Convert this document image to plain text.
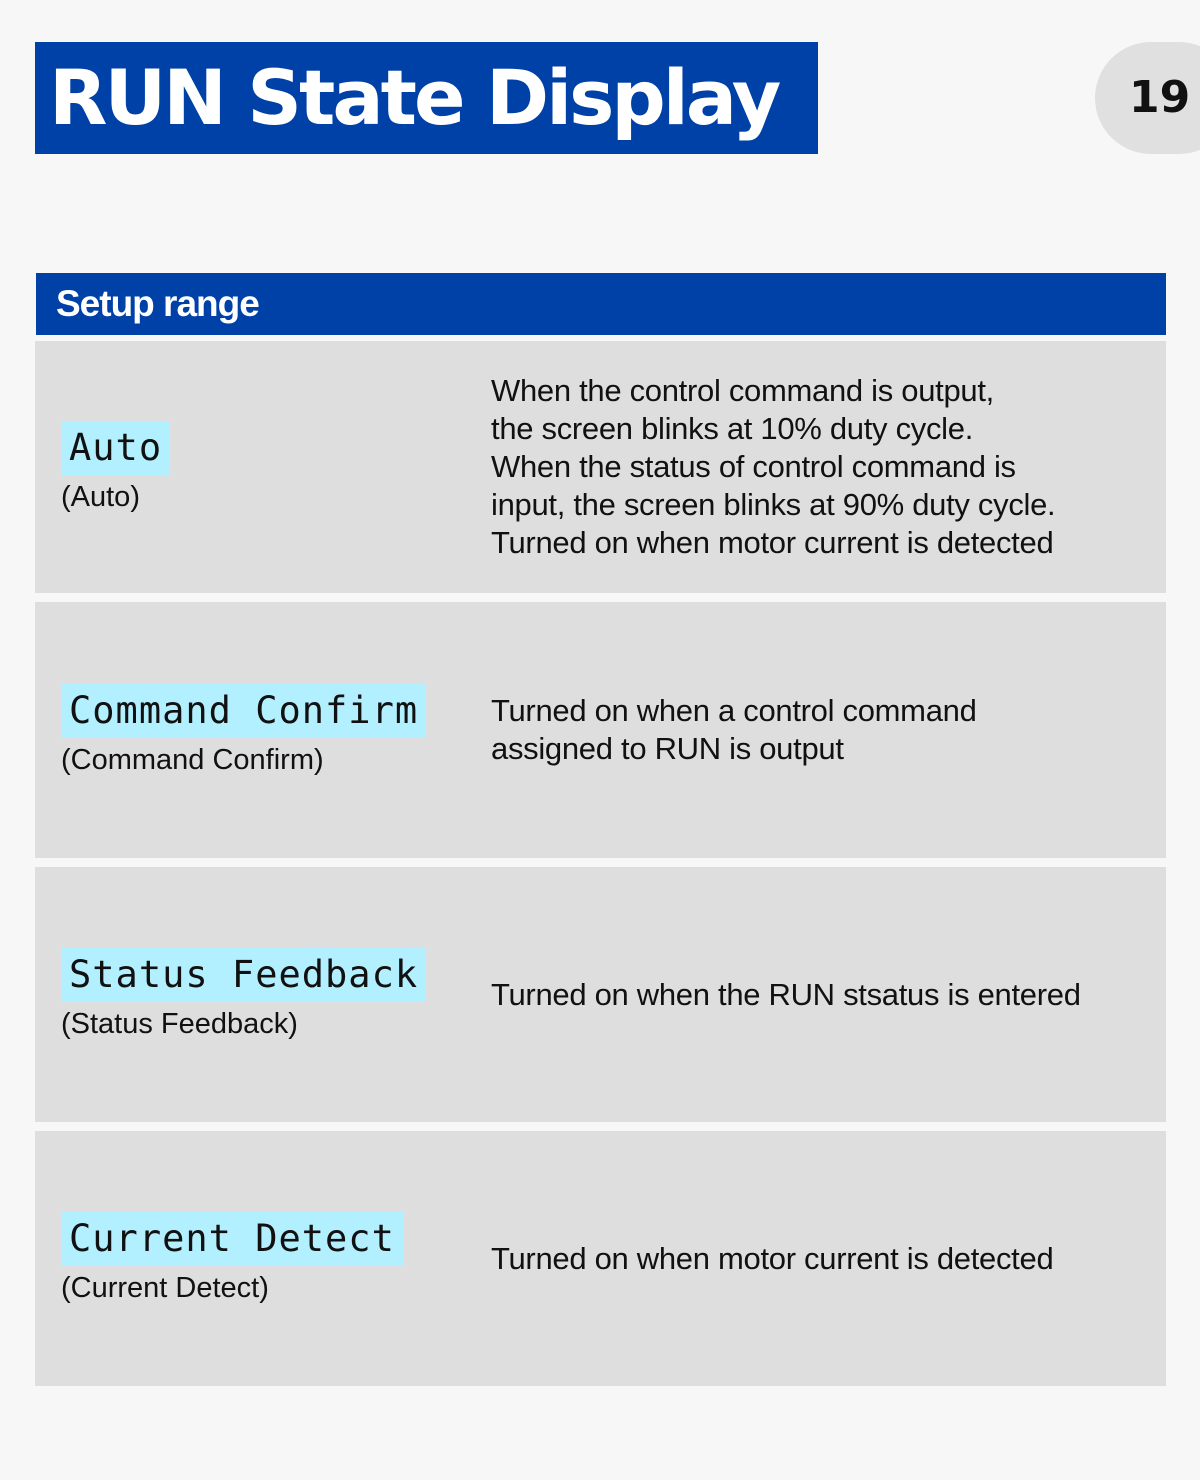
RUN State Display	19
Setup range
Auto
(Auto)
When the control command is output,
the screen blinks at 10% duty cycle.
When the status of control command is
input, the screen blinks at 90% duty cycle.
Turned on when motor current is detected
Command Confirm
(Command Confirm)
Turned on when a control command
assigned to RUN is output
Status Feedback
(Status Feedback)
Turned on when the RUN stsatus is entered
Current Detect
(Current Detect)
Turned on when motor current is detected
